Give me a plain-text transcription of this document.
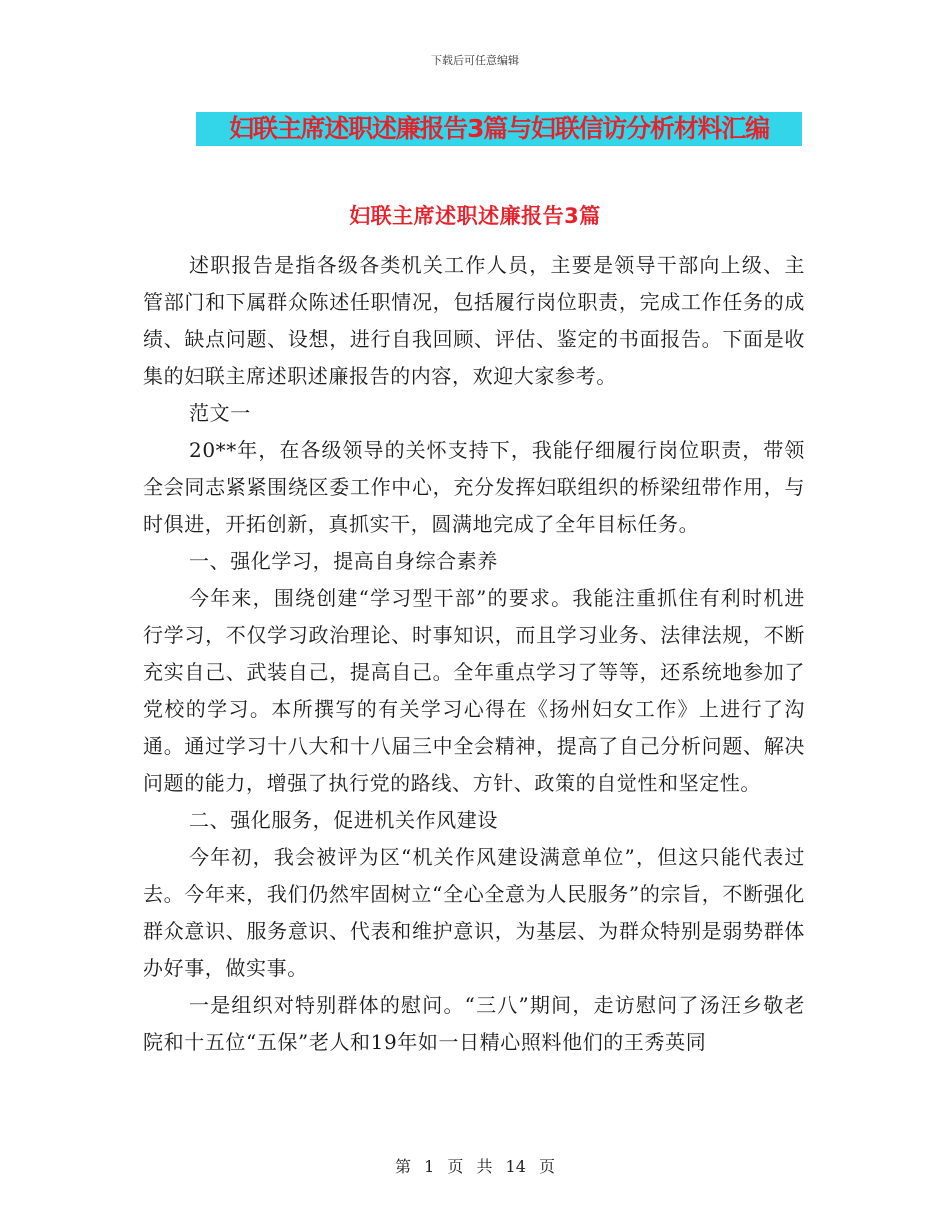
下载后可任意编辑
妇联主席述职述廉报告3篇与妇联信访分析材料汇编
妇联主席述职述廉报告3篇

述职报告是指各级各类机关工作人员，主要是领导干部向上级、主管部门和下属群众陈述任职情况，包括履行岗位职责，完成工作任务的成绩、缺点问题、设想，进行自我回顾、评估、鉴定的书面报告。下面是收集的妇联主席述职述廉报告的内容，欢迎大家参考。

范文一

20**年，在各级领导的关怀支持下，我能仔细履行岗位职责，带领全会同志紧紧围绕区委工作中心，充分发挥妇联组织的桥梁纽带作用，与时俱进，开拓创新，真抓实干，圆满地完成了全年目标任务。

一、强化学习，提高自身综合素养

今年来，围绕创建“学习型干部”的要求。我能注重抓住有利时机进行学习，不仅学习政治理论、时事知识，而且学习业务、法律法规，不断充实自己、武装自己，提高自己。全年重点学习了等等，还系统地参加了党校的学习。本所撰写的有关学习心得在《扬州妇女工作》上进行了沟通。通过学习十八大和十八届三中全会精神，提高了自己分析问题、解决问题的能力，增强了执行党的路线、方针、政策的自觉性和坚定性。

二、强化服务，促进机关作风建设

今年初，我会被评为区“机关作风建设满意单位”，但这只能代表过去。今年来，我们仍然牢固树立“全心全意为人民服务”的宗旨，不断强化群众意识、服务意识、代表和维护意识，为基层、为群众特别是弱势群体办好事，做实事。

一是组织对特别群体的慰问。“三八”期间，走访慰问了汤汪乡敬老院和十五位“五保”老人和19年如一日精心照料他们的王秀英同

第 1 页 共 14 页
